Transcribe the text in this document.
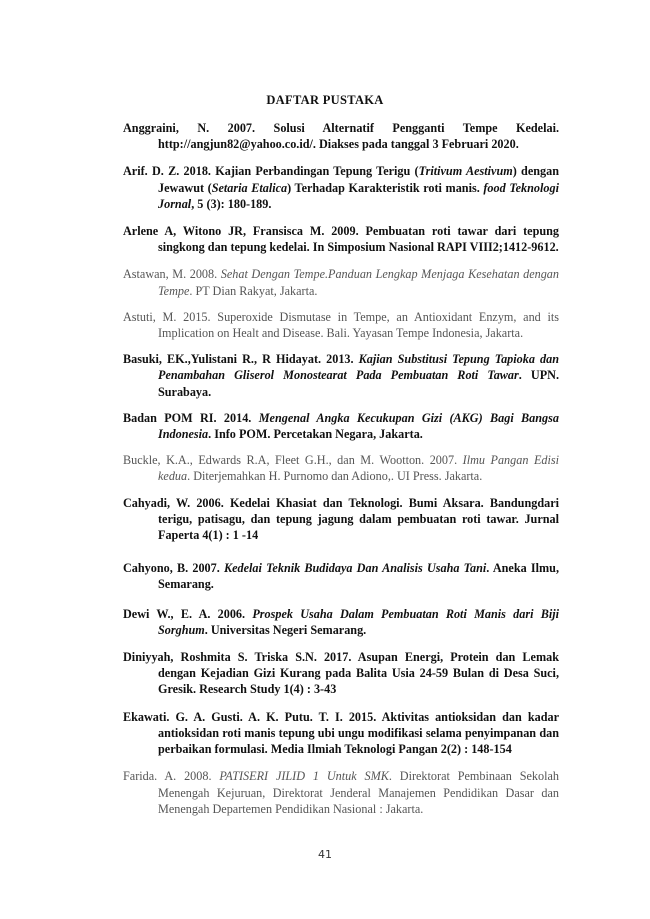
DAFTAR PUSTAKA

Anggraini, N. 2007. Solusi Alternatif Pengganti Tempe Kedelai. http://angjun82@yahoo.co.id/. Diakses pada tanggal 3 Februari 2020.

Arif. D. Z. 2018. Kajian Perbandingan Tepung Terigu (Tritivum Aestivum) dengan Jewawut (Setaria Etalica) Terhadap Karakteristik roti manis. food Teknologi Jornal, 5 (3): 180-189.

Arlene A, Witono JR, Fransisca M. 2009. Pembuatan roti tawar dari tepung singkong dan tepung kedelai. In Simposium Nasional RAPI VIII2;1412-9612.

Astawan, M. 2008. Sehat Dengan Tempe.Panduan Lengkap Menjaga Kesehatan dengan Tempe. PT Dian Rakyat, Jakarta.

Astuti, M. 2015. Superoxide Dismutase in Tempe, an Antioxidant Enzym, and its Implication on Healt and Disease. Bali. Yayasan Tempe Indonesia, Jakarta.

Basuki, EK.,Yulistani R., R Hidayat. 2013. Kajian Substitusi Tepung Tapioka dan Penambahan Gliserol Monostearat Pada Pembuatan Roti Tawar. UPN. Surabaya.

Badan POM RI. 2014. Mengenal Angka Kecukupan Gizi (AKG) Bagi Bangsa Indonesia. Info POM. Percetakan Negara, Jakarta.

Buckle, K.A., Edwards R.A, Fleet G.H., dan M. Wootton. 2007. Ilmu Pangan Edisi kedua. Diterjemahkan H. Purnomo dan Adiono,. UI Press. Jakarta.

Cahyadi, W. 2006. Kedelai Khasiat dan Teknologi. Bumi Aksara. Bandungdari terigu, patisagu, dan tepung jagung dalam pembuatan roti tawar. Jurnal Faperta 4(1) : 1 -14

Cahyono, B. 2007. Kedelai Teknik Budidaya Dan Analisis Usaha Tani. Aneka Ilmu, Semarang.

Dewi W., E. A. 2006. Prospek Usaha Dalam Pembuatan Roti Manis dari Biji Sorghum. Universitas Negeri Semarang.

Diniyyah, Roshmita S. Triska S.N. 2017. Asupan Energi, Protein dan Lemak dengan Kejadian Gizi Kurang pada Balita Usia 24-59 Bulan di Desa Suci, Gresik. Research Study 1(4) : 3-43

Ekawati. G. A. Gusti. A. K. Putu. T. I. 2015. Aktivitas antioksidan dan kadar antioksidan roti manis tepung ubi ungu modifikasi selama penyimpanan dan perbaikan formulasi. Media Ilmiah Teknologi Pangan 2(2) : 148-154

Farida. A. 2008. PATISERI JILID 1 Untuk SMK. Direktorat Pembinaan Sekolah Menengah Kejuruan, Direktorat Jenderal Manajemen Pendidikan Dasar dan Menengah Departemen Pendidikan Nasional : Jakarta.

41
